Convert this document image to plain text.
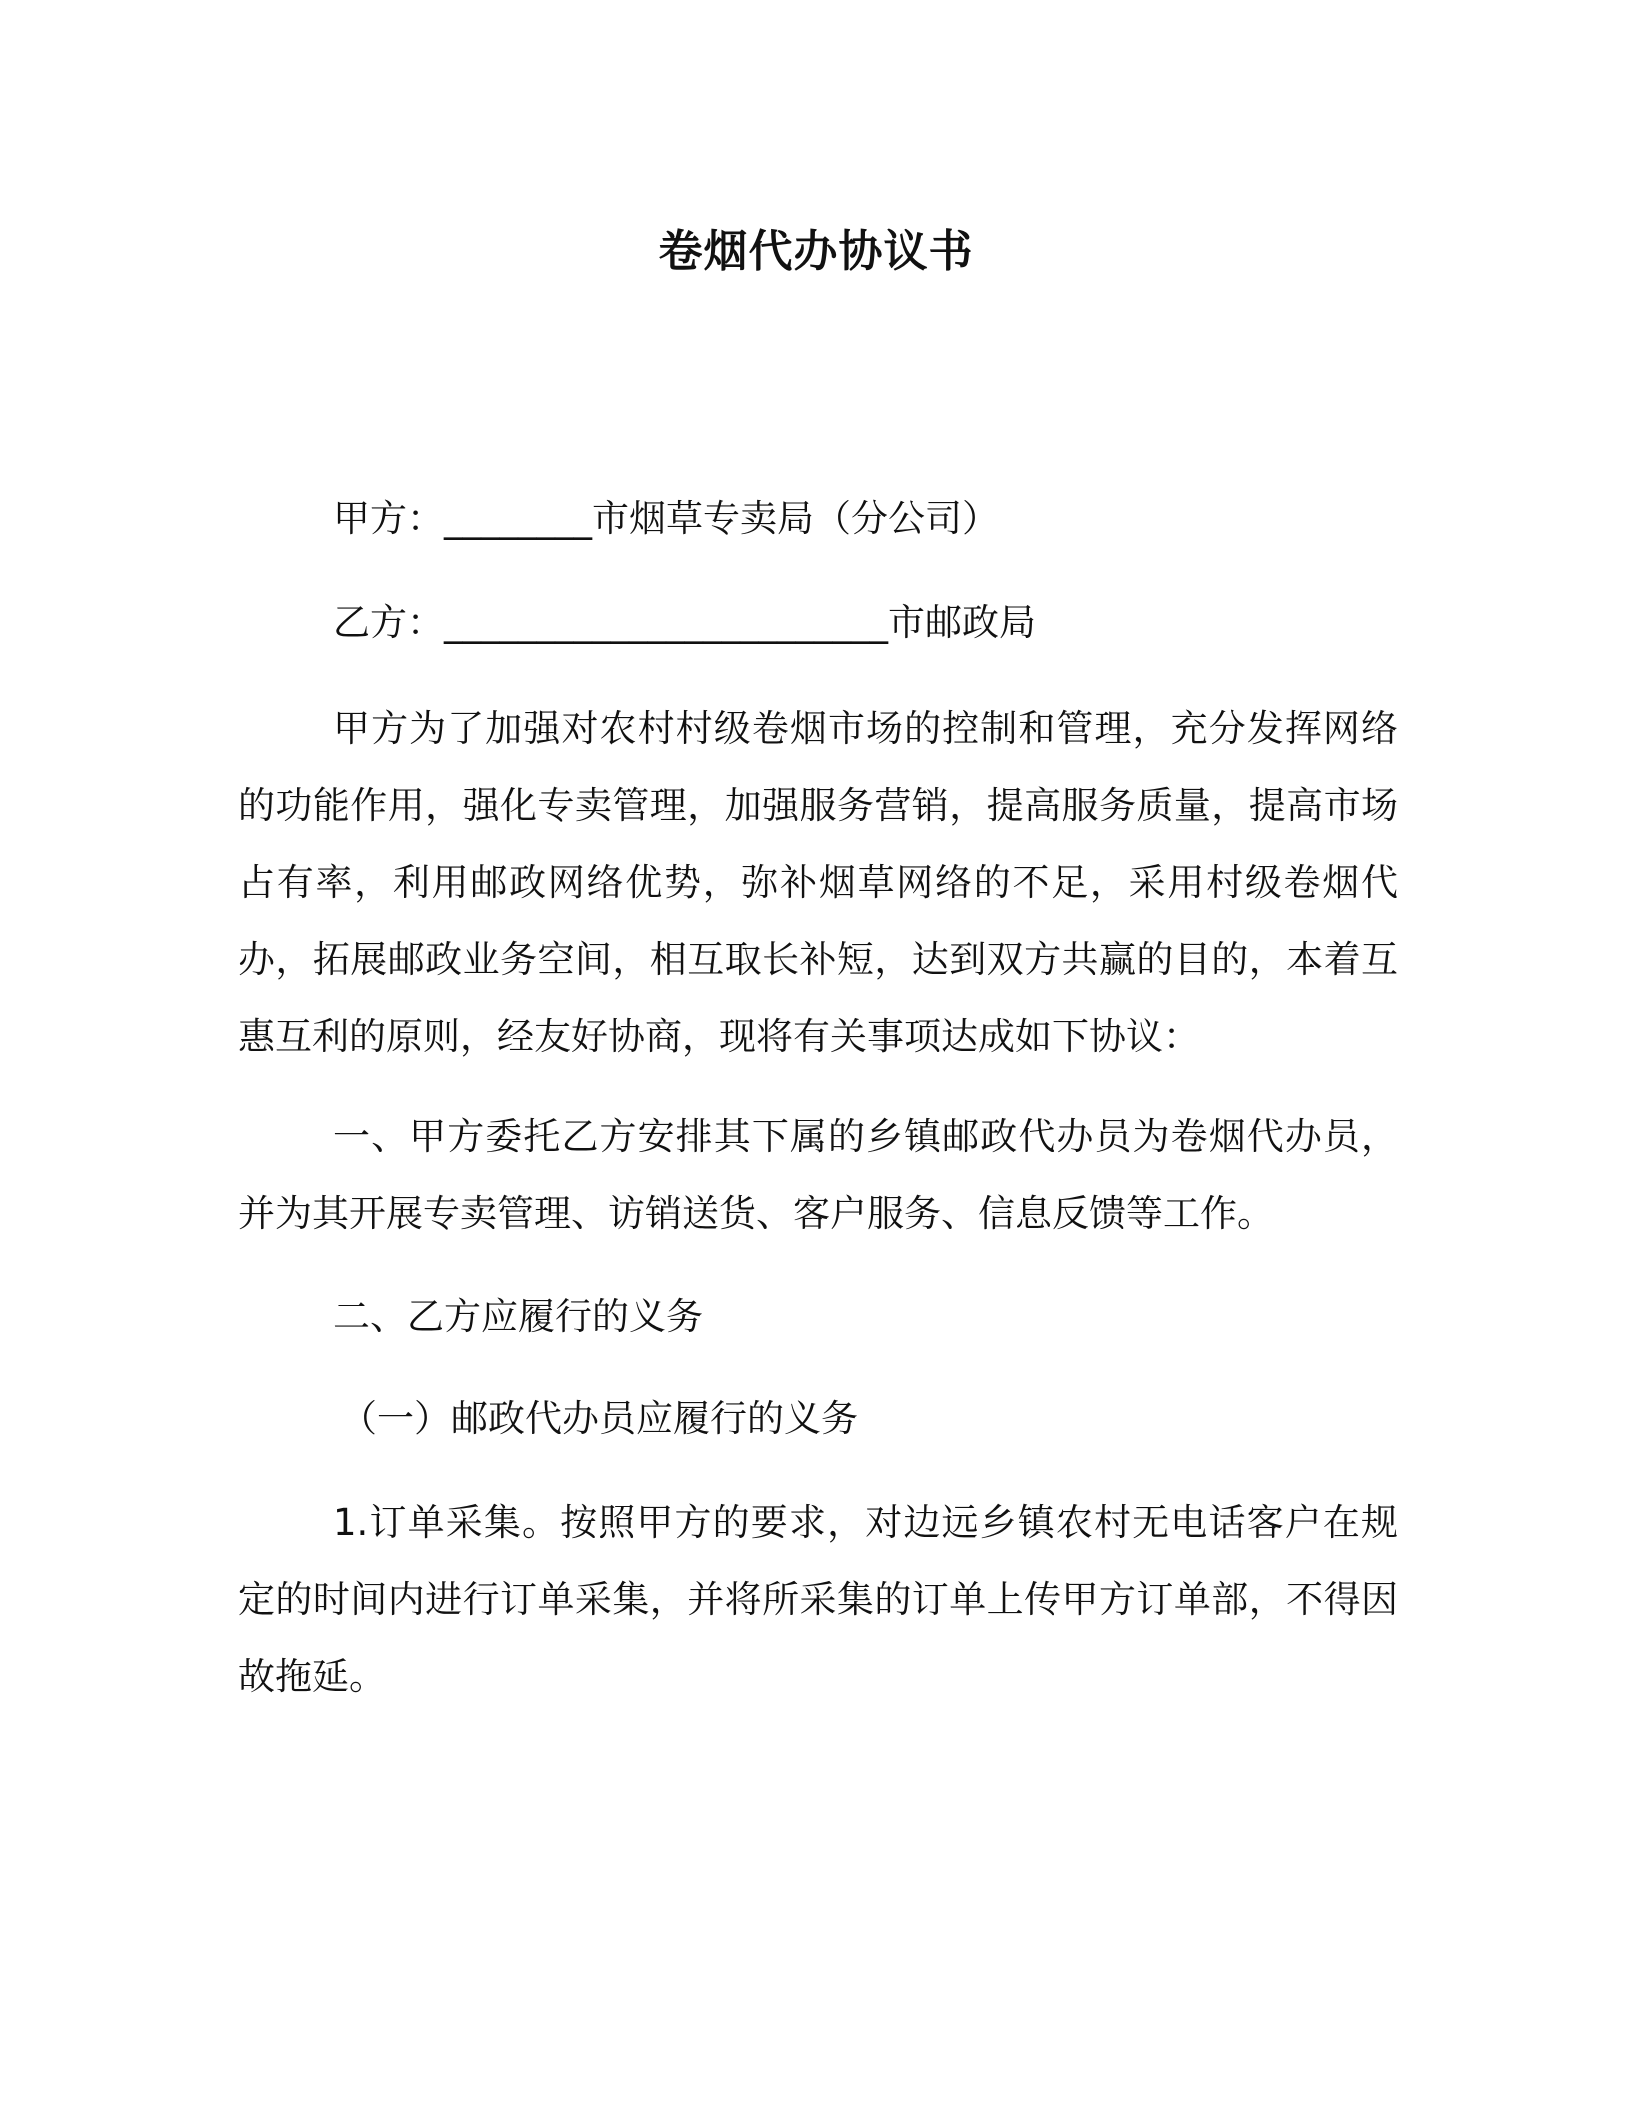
卷烟代办协议书
甲方：________市烟草专卖局（分公司）
乙方：________________________市邮政局
甲方为了加强对农村村级卷烟市场的控制和管理，充分发挥网络的功能作用，强化专卖管理，加强服务营销，提高服务质量，提高市场占有率，利用邮政网络优势，弥补烟草网络的不足，采用村级卷烟代办，拓展邮政业务空间，相互取长补短，达到双方共赢的目的，本着互惠互利的原则，经友好协商，现将有关事项达成如下协议：
一、甲方委托乙方安排其下属的乡镇邮政代办员为卷烟代办员，并为其开展专卖管理、访销送货、客户服务、信息反馈等工作。
二、乙方应履行的义务
（一）邮政代办员应履行的义务
1.订单采集。按照甲方的要求，对边远乡镇农村无电话客户在规定的时间内进行订单采集，并将所采集的订单上传甲方订单部，不得因故拖延。
